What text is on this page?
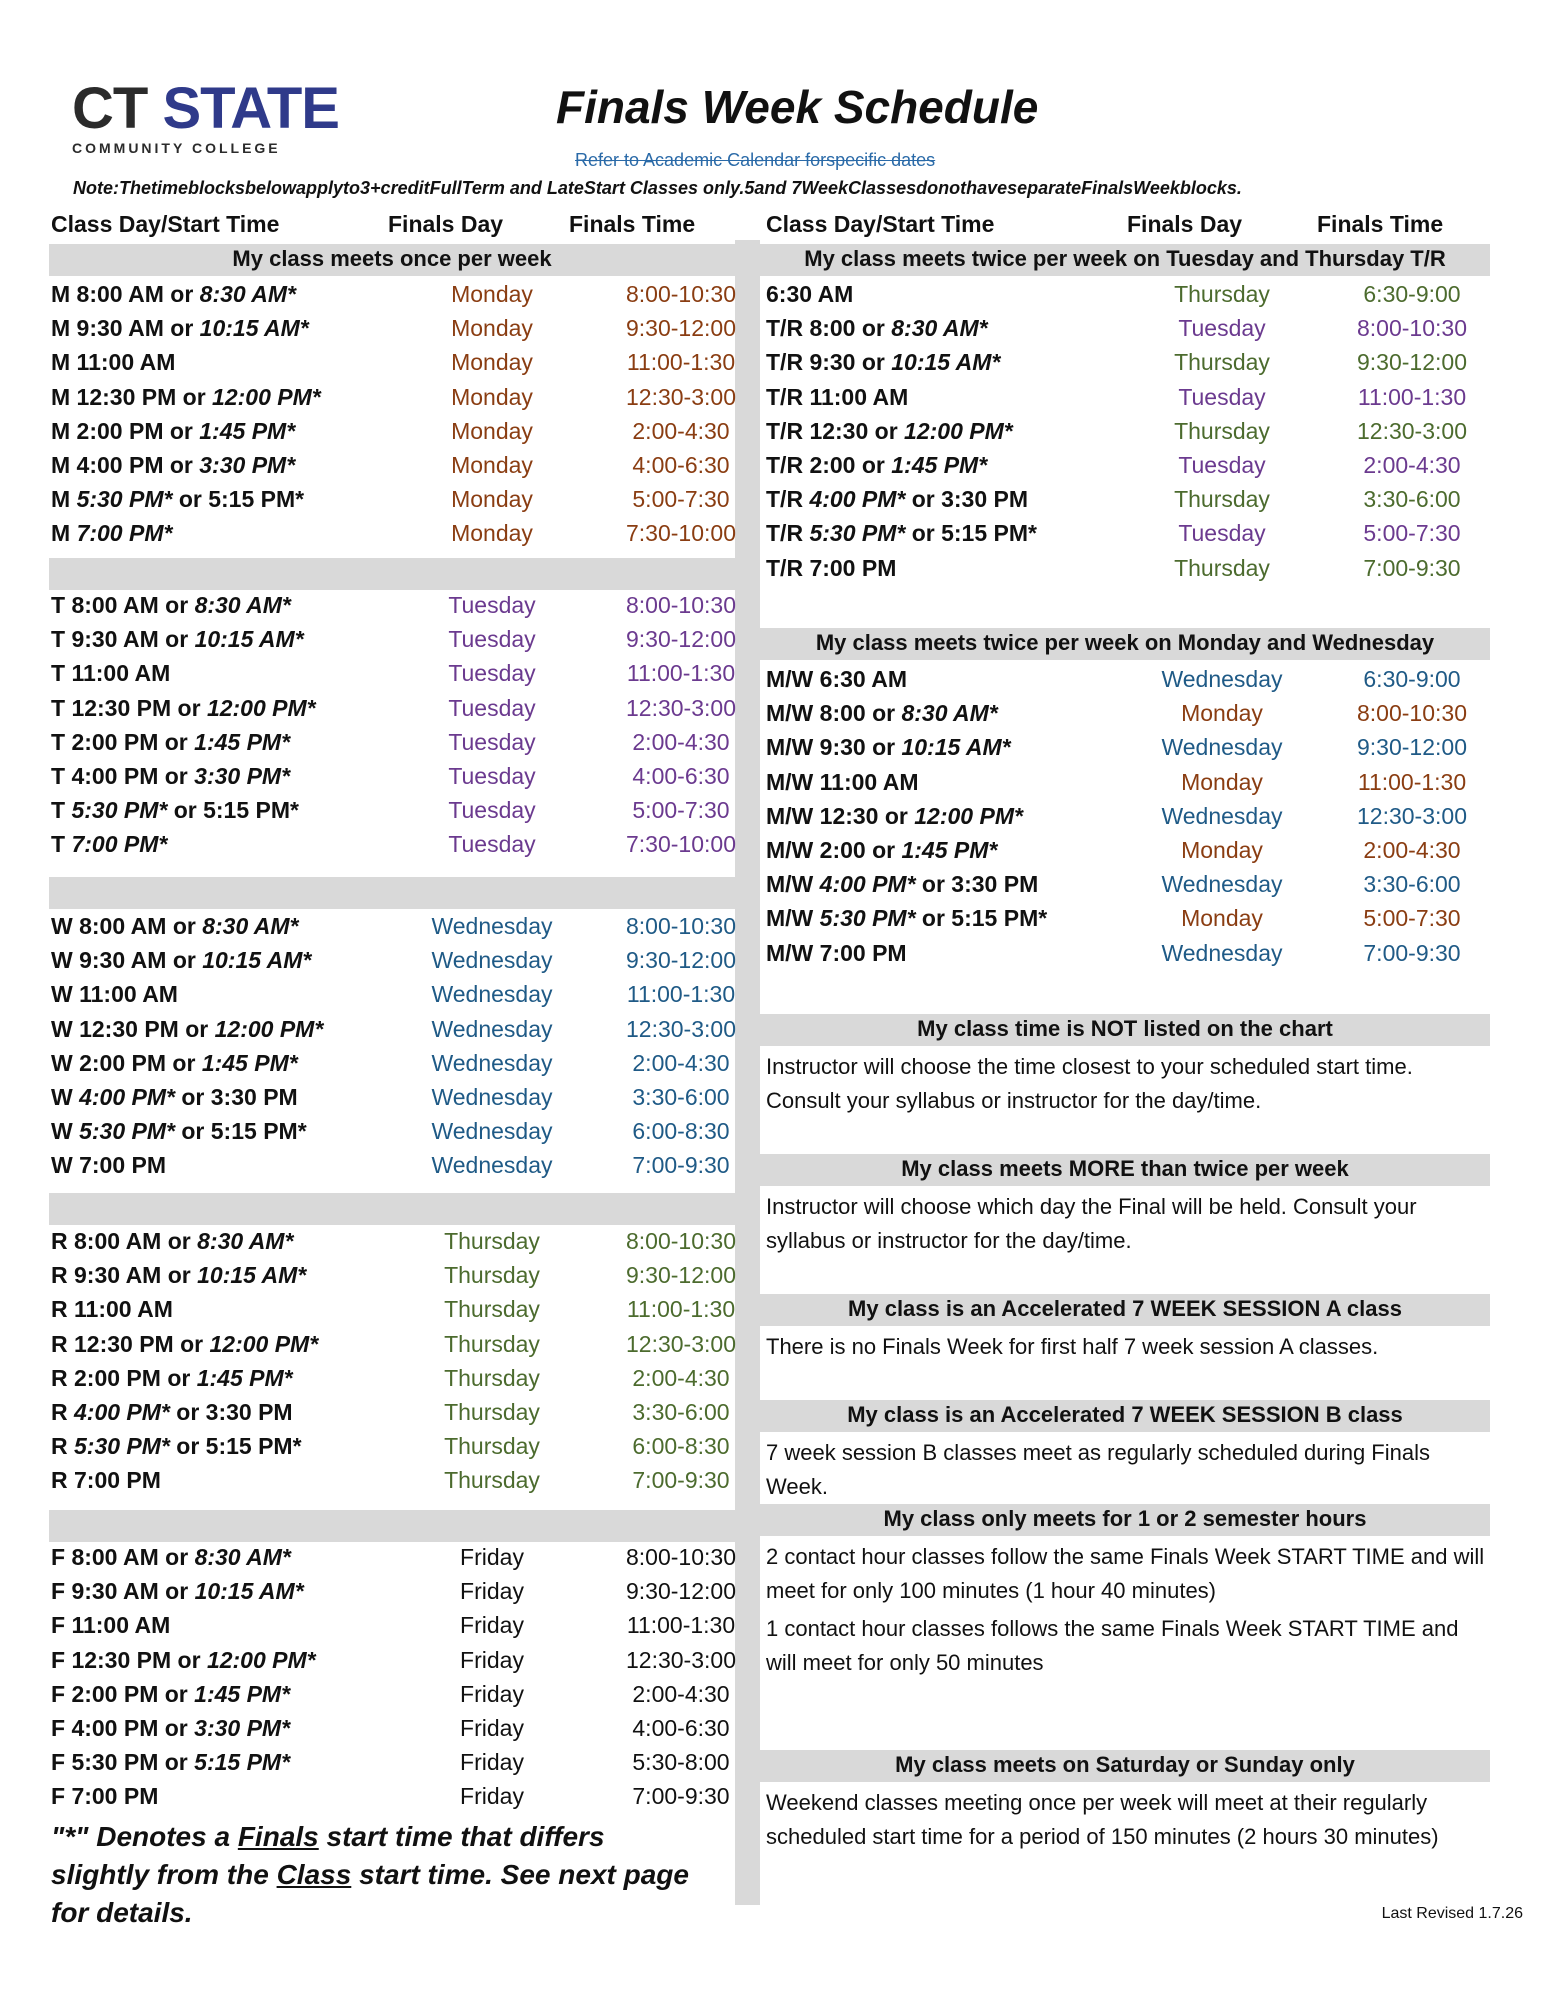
CT STATE
COMMUNITY COLLEGE
Finals Week Schedule
Refer to Academic Calendar forspecific dates
Note:Thetimeblocksbelowapplyto3+creditFullTerm and LateStart Classes only.5and 7WeekClassesdonothaveseparateFinalsWeekblocks.
Class Day/Start Time	Finals Day	Finals Time	Class Day/Start Time	Finals Day	Finals Time
My class meets once per week
M 8:00 AM or 8:30 AM*	Monday	8:00-10:30
M 9:30 AM or 10:15 AM*	Monday	9:30-12:00
M 11:00 AM	Monday	11:00-1:30
M 12:30 PM or 12:00 PM*	Monday	12:30-3:00
M 2:00 PM or 1:45 PM*	Monday	2:00-4:30
M 4:00 PM or 3:30 PM*	Monday	4:00-6:30
M 5:30 PM* or 5:15 PM*	Monday	5:00-7:30
M 7:00 PM*	Monday	7:30-10:00
T 8:00 AM or 8:30 AM*	Tuesday	8:00-10:30
T 9:30 AM or 10:15 AM*	Tuesday	9:30-12:00
T 11:00 AM	Tuesday	11:00-1:30
T 12:30 PM or 12:00 PM*	Tuesday	12:30-3:00
T 2:00 PM or 1:45 PM*	Tuesday	2:00-4:30
T 4:00 PM or 3:30 PM*	Tuesday	4:00-6:30
T 5:30 PM* or 5:15 PM*	Tuesday	5:00-7:30
T 7:00 PM*	Tuesday	7:30-10:00
W 8:00 AM or 8:30 AM*	Wednesday	8:00-10:30
W 9:30 AM or 10:15 AM*	Wednesday	9:30-12:00
W 11:00 AM	Wednesday	11:00-1:30
W 12:30 PM or 12:00 PM*	Wednesday	12:30-3:00
W 2:00 PM or 1:45 PM*	Wednesday	2:00-4:30
W 4:00 PM* or 3:30 PM	Wednesday	3:30-6:00
W 5:30 PM* or 5:15 PM*	Wednesday	6:00-8:30
W 7:00 PM	Wednesday	7:00-9:30
R 8:00 AM or 8:30 AM*	Thursday	8:00-10:30
R 9:30 AM or 10:15 AM*	Thursday	9:30-12:00
R 11:00 AM	Thursday	11:00-1:30
R 12:30 PM or 12:00 PM*	Thursday	12:30-3:00
R 2:00 PM or 1:45 PM*	Thursday	2:00-4:30
R 4:00 PM* or 3:30 PM	Thursday	3:30-6:00
R 5:30 PM* or 5:15 PM*	Thursday	6:00-8:30
R 7:00 PM	Thursday	7:00-9:30
F 8:00 AM or 8:30 AM*	Friday	8:00-10:30
F 9:30 AM or 10:15 AM*	Friday	9:30-12:00
F 11:00 AM	Friday	11:00-1:30
F 12:30 PM or 12:00 PM*	Friday	12:30-3:00
F 2:00 PM or 1:45 PM*	Friday	2:00-4:30
F 4:00 PM or 3:30 PM*	Friday	4:00-6:30
F 5:30 PM or 5:15 PM*	Friday	5:30-8:00
F 7:00 PM	Friday	7:00-9:30
My class meets twice per week on Tuesday and Thursday T/R
6:30 AM	Thursday	6:30-9:00
T/R 8:00 or 8:30 AM*	Tuesday	8:00-10:30
T/R 9:30 or 10:15 AM*	Thursday	9:30-12:00
T/R 11:00 AM	Tuesday	11:00-1:30
T/R 12:30 or 12:00 PM*	Thursday	12:30-3:00
T/R 2:00 or 1:45 PM*	Tuesday	2:00-4:30
T/R 4:00 PM* or 3:30 PM	Thursday	3:30-6:00
T/R 5:30 PM* or 5:15 PM*	Tuesday	5:00-7:30
T/R 7:00 PM	Thursday	7:00-9:30
My class meets twice per week on Monday and Wednesday
M/W 6:30 AM	Wednesday	6:30-9:00
M/W 8:00 or 8:30 AM*	Monday	8:00-10:30
M/W 9:30 or 10:15 AM*	Wednesday	9:30-12:00
M/W 11:00 AM	Monday	11:00-1:30
M/W 12:30 or 12:00 PM*	Wednesday	12:30-3:00
M/W 2:00 or 1:45 PM*	Monday	2:00-4:30
M/W 4:00 PM* or 3:30 PM	Wednesday	3:30-6:00
M/W 5:30 PM* or 5:15 PM*	Monday	5:00-7:30
M/W 7:00 PM	Wednesday	7:00-9:30
My class time is NOT listed on the chart
Instructor will choose the time closest to your scheduled start time. Consult your syllabus or instructor for the day/time.
My class meets MORE than twice per week
Instructor will choose which day the Final will be held. Consult your syllabus or instructor for the day/time.
My class is an Accelerated 7 WEEK SESSION A class
There is no Finals Week for first half 7 week session A classes.
My class is an Accelerated 7 WEEK SESSION B class
7 week session B classes meet as regularly scheduled during Finals Week.
My class only meets for 1 or 2 semester hours
2 contact hour classes follow the same Finals Week START TIME and will meet for only 100 minutes (1 hour 40 minutes)
1 contact hour classes follows the same Finals Week START TIME and will meet for only 50 minutes
My class meets on Saturday or Sunday only
Weekend classes meeting once per week will meet at their regularly scheduled start time for a period of 150 minutes (2 hours 30 minutes)
"*" Denotes a Finals start time that differs slightly from the Class start time. See next page for details.	Last Revised 1.7.26
